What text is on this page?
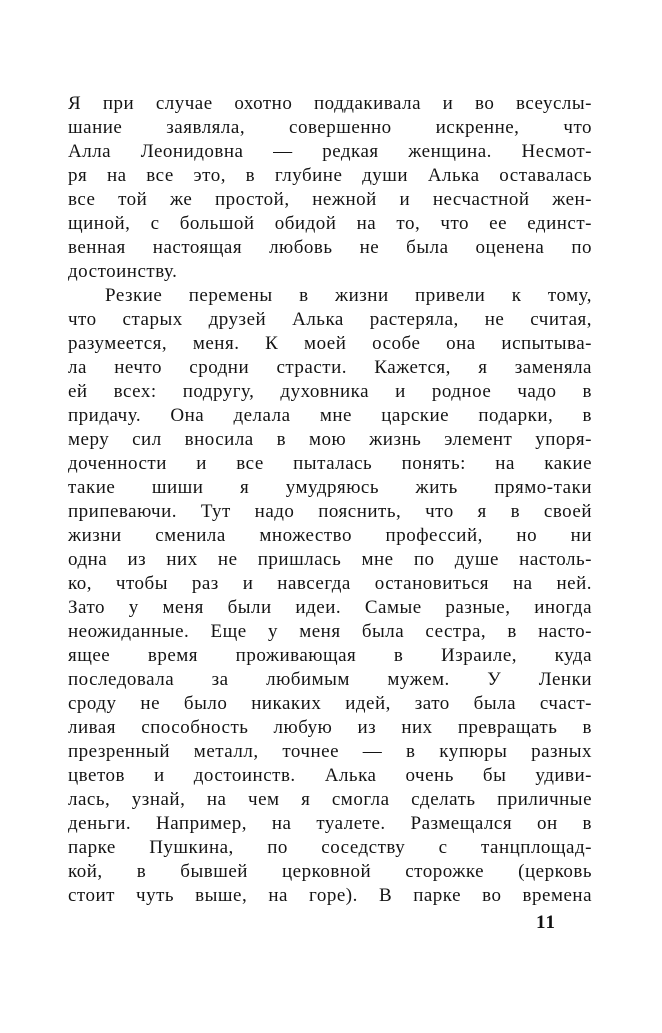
Я при случае охотно поддакивала и во всеуслы-
шание заявляла, совершенно искренне, что
Алла Леонидовна — редкая женщина. Несмот-
ря на все это, в глубине души Алька оставалась
все той же простой, нежной и несчастной жен-
щиной, с большой обидой на то, что ее единст-
венная настоящая любовь не была оценена по
достоинству.
Резкие перемены в жизни привели к тому,
что старых друзей Алька растеряла, не считая,
разумеется, меня. К моей особе она испытыва-
ла нечто сродни страсти. Кажется, я заменяла
ей всех: подругу, духовника и родное чадо в
придачу. Она делала мне царские подарки, в
меру сил вносила в мою жизнь элемент упоря-
доченности и все пыталась понять: на какие
такие шиши я умудряюсь жить прямо-таки
припеваючи. Тут надо пояснить, что я в своей
жизни сменила множество профессий, но ни
одна из них не пришлась мне по душе настоль-
ко, чтобы раз и навсегда остановиться на ней.
Зато у меня были идеи. Самые разные, иногда
неожиданные. Еще у меня была сестра, в насто-
ящее время проживающая в Израиле, куда
последовала за любимым мужем. У Ленки
сроду не было никаких идей, зато была счаст-
ливая способность любую из них превращать в
презренный металл, точнее — в купюры разных
цветов и достоинств. Алька очень бы удиви-
лась, узнай, на чем я смогла сделать приличные
деньги. Например, на туалете. Размещался он в
парке Пушкина, по соседству с танцплощад-
кой, в бывшей церковной сторожке (церковь
стоит чуть выше, на горе). В парке во времена
11
